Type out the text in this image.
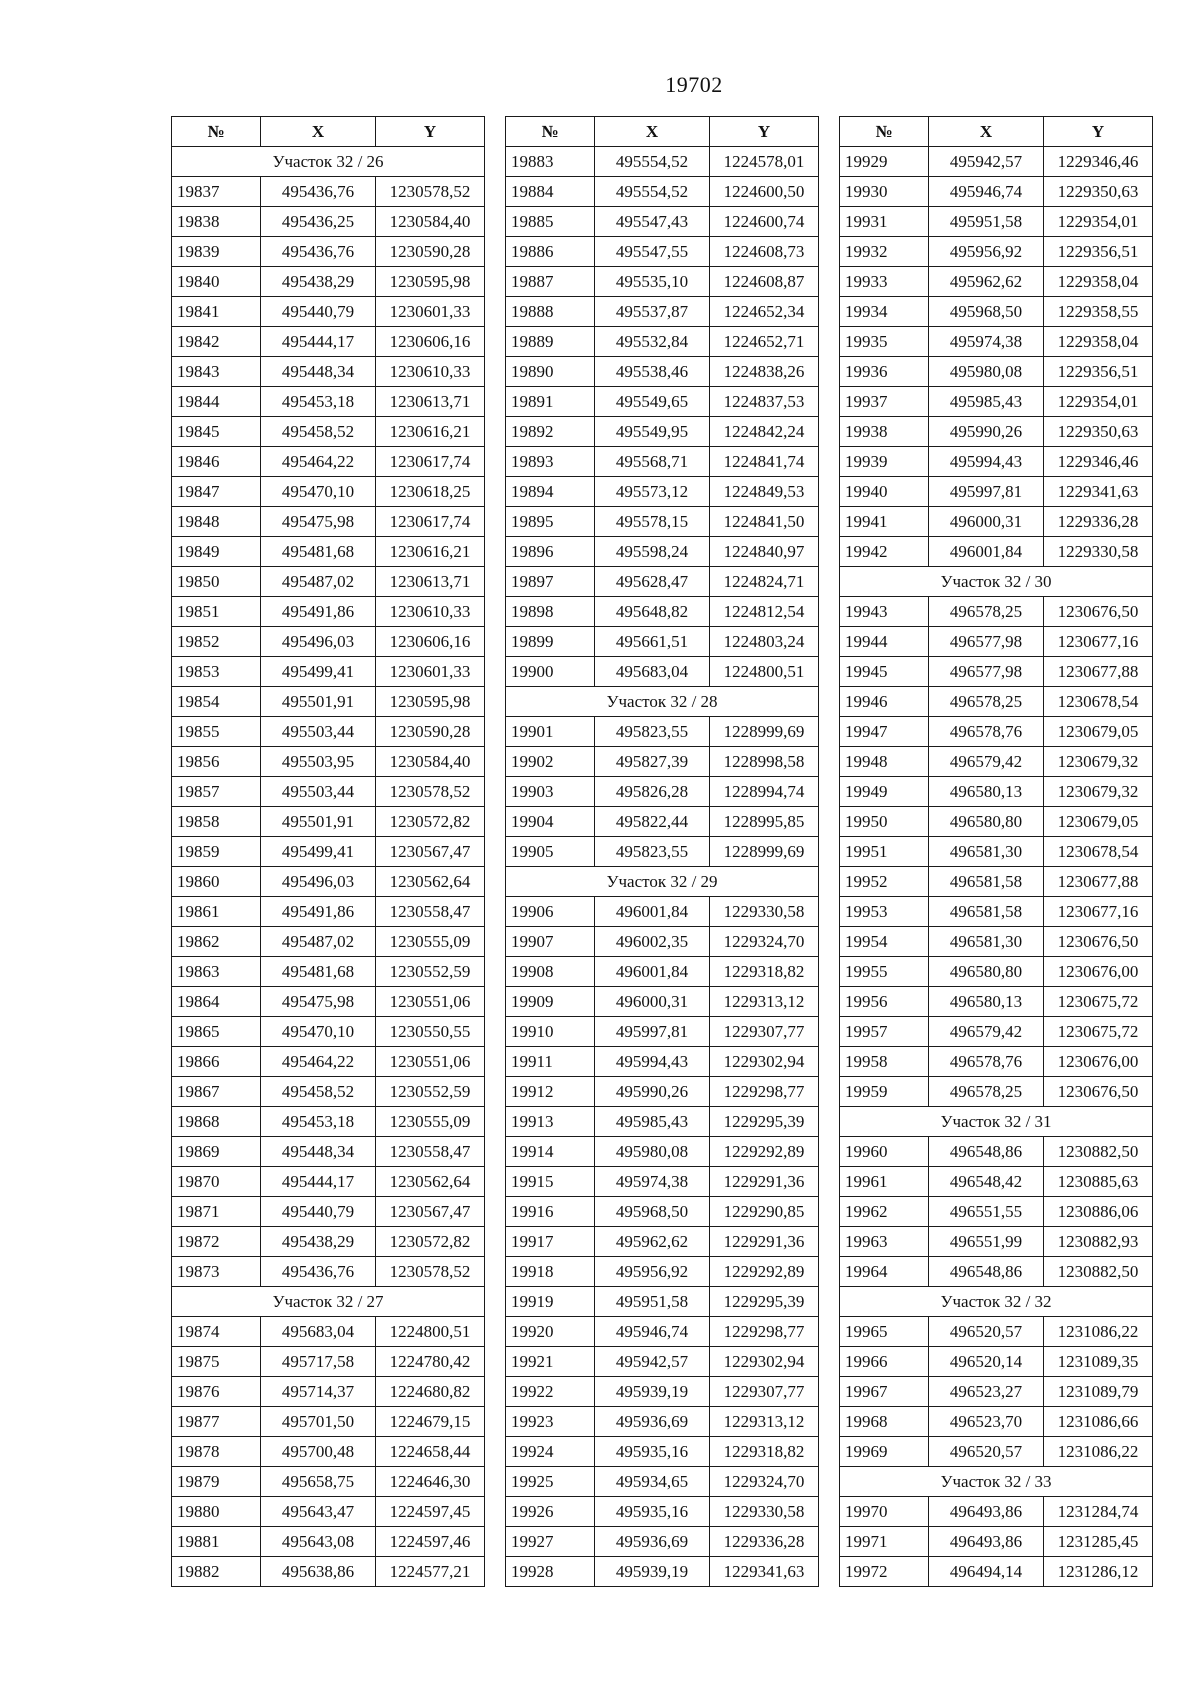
19702
№	X	Y
Участок 32 / 26		
19837	495436,76	1230578,52
19838	495436,25	1230584,40
19839	495436,76	1230590,28
19840	495438,29	1230595,98
19841	495440,79	1230601,33
19842	495444,17	1230606,16
19843	495448,34	1230610,33
19844	495453,18	1230613,71
19845	495458,52	1230616,21
19846	495464,22	1230617,74
19847	495470,10	1230618,25
19848	495475,98	1230617,74
19849	495481,68	1230616,21
19850	495487,02	1230613,71
19851	495491,86	1230610,33
19852	495496,03	1230606,16
19853	495499,41	1230601,33
19854	495501,91	1230595,98
19855	495503,44	1230590,28
19856	495503,95	1230584,40
19857	495503,44	1230578,52
19858	495501,91	1230572,82
19859	495499,41	1230567,47
19860	495496,03	1230562,64
19861	495491,86	1230558,47
19862	495487,02	1230555,09
19863	495481,68	1230552,59
19864	495475,98	1230551,06
19865	495470,10	1230550,55
19866	495464,22	1230551,06
19867	495458,52	1230552,59
19868	495453,18	1230555,09
19869	495448,34	1230558,47
19870	495444,17	1230562,64
19871	495440,79	1230567,47
19872	495438,29	1230572,82
19873	495436,76	1230578,52
Участок 32 / 27		
19874	495683,04	1224800,51
19875	495717,58	1224780,42
19876	495714,37	1224680,82
19877	495701,50	1224679,15
19878	495700,48	1224658,44
19879	495658,75	1224646,30
19880	495643,47	1224597,45
19881	495643,08	1224597,46
19882	495638,86	1224577,21
№	X	Y
19883	495554,52	1224578,01
19884	495554,52	1224600,50
19885	495547,43	1224600,74
19886	495547,55	1224608,73
19887	495535,10	1224608,87
19888	495537,87	1224652,34
19889	495532,84	1224652,71
19890	495538,46	1224838,26
19891	495549,65	1224837,53
19892	495549,95	1224842,24
19893	495568,71	1224841,74
19894	495573,12	1224849,53
19895	495578,15	1224841,50
19896	495598,24	1224840,97
19897	495628,47	1224824,71
19898	495648,82	1224812,54
19899	495661,51	1224803,24
19900	495683,04	1224800,51
Участок 32 / 28		
19901	495823,55	1228999,69
19902	495827,39	1228998,58
19903	495826,28	1228994,74
19904	495822,44	1228995,85
19905	495823,55	1228999,69
Участок 32 / 29		
19906	496001,84	1229330,58
19907	496002,35	1229324,70
19908	496001,84	1229318,82
19909	496000,31	1229313,12
19910	495997,81	1229307,77
19911	495994,43	1229302,94
19912	495990,26	1229298,77
19913	495985,43	1229295,39
19914	495980,08	1229292,89
19915	495974,38	1229291,36
19916	495968,50	1229290,85
19917	495962,62	1229291,36
19918	495956,92	1229292,89
19919	495951,58	1229295,39
19920	495946,74	1229298,77
19921	495942,57	1229302,94
19922	495939,19	1229307,77
19923	495936,69	1229313,12
19924	495935,16	1229318,82
19925	495934,65	1229324,70
19926	495935,16	1229330,58
19927	495936,69	1229336,28
19928	495939,19	1229341,63
№	X	Y
19929	495942,57	1229346,46
19930	495946,74	1229350,63
19931	495951,58	1229354,01
19932	495956,92	1229356,51
19933	495962,62	1229358,04
19934	495968,50	1229358,55
19935	495974,38	1229358,04
19936	495980,08	1229356,51
19937	495985,43	1229354,01
19938	495990,26	1229350,63
19939	495994,43	1229346,46
19940	495997,81	1229341,63
19941	496000,31	1229336,28
19942	496001,84	1229330,58
Участок 32 / 30		
19943	496578,25	1230676,50
19944	496577,98	1230677,16
19945	496577,98	1230677,88
19946	496578,25	1230678,54
19947	496578,76	1230679,05
19948	496579,42	1230679,32
19949	496580,13	1230679,32
19950	496580,80	1230679,05
19951	496581,30	1230678,54
19952	496581,58	1230677,88
19953	496581,58	1230677,16
19954	496581,30	1230676,50
19955	496580,80	1230676,00
19956	496580,13	1230675,72
19957	496579,42	1230675,72
19958	496578,76	1230676,00
19959	496578,25	1230676,50
Участок 32 / 31		
19960	496548,86	1230882,50
19961	496548,42	1230885,63
19962	496551,55	1230886,06
19963	496551,99	1230882,93
19964	496548,86	1230882,50
Участок 32 / 32		
19965	496520,57	1231086,22
19966	496520,14	1231089,35
19967	496523,27	1231089,79
19968	496523,70	1231086,66
19969	496520,57	1231086,22
Участок 32 / 33		
19970	496493,86	1231284,74
19971	496493,86	1231285,45
19972	496494,14	1231286,12
